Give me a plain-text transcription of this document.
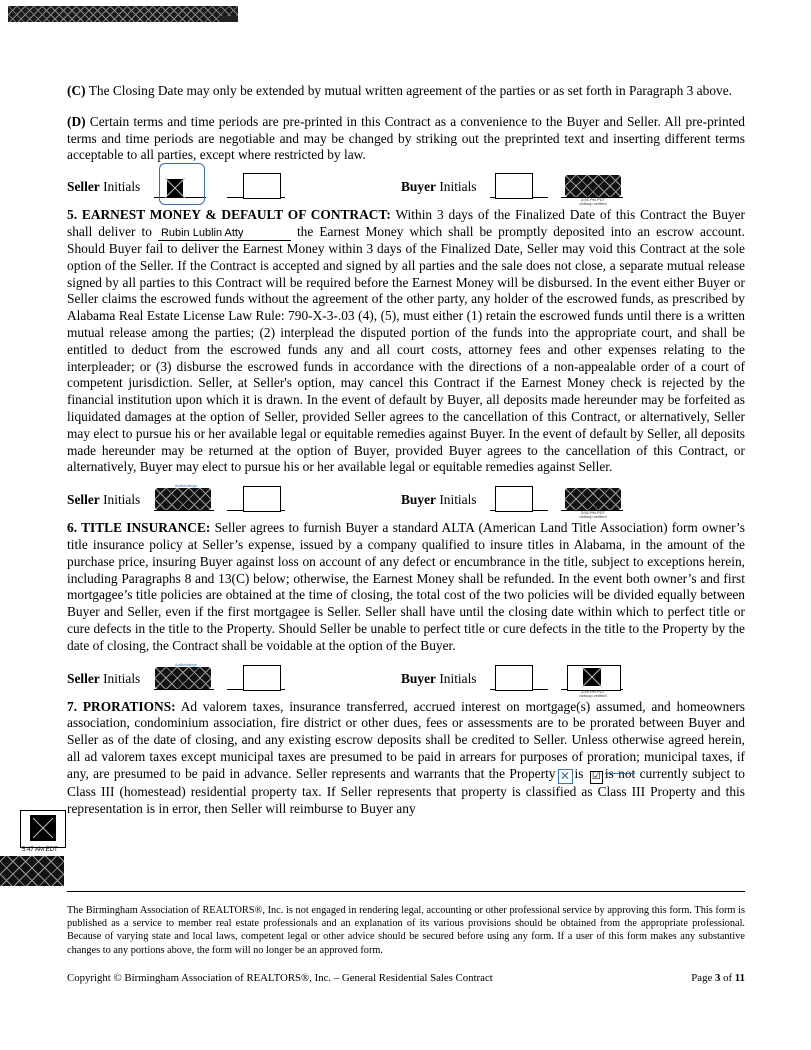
(C) The Closing Date may only be extended by mutual written agreement of the parties or as set forth in Paragraph 3 above.

(D) Certain terms and time periods are pre-printed in this Contract as a convenience to the Buyer and Seller. All pre-printed terms and time periods are negotiable and may be changed by striking out the preprinted text and inserting different terms acceptable to all parties, except where restricted by law.

Seller Initials	Buyer Initials
3:54 PM PDT
dotloop verified

5. EARNEST MONEY & DEFAULT OF CONTRACT: Within 3 days of the Finalized Date of this Contract the Buyer shall deliver to Rubin Lublin Atty	the Earnest Money which shall be promptly deposited into an escrow account. Should Buyer fail to deliver the Earnest Money within 3 days of the Finalized Date, Seller may void this Contract at the sole option of the Seller. If the Contract is accepted and signed by all parties and the sale does not close, a separate mutual release signed by all parties to this Contract will be required before the Earnest Money will be disbursed. In the event either Buyer or Seller claims the escrowed funds without the agreement of the other party, any holder of the escrowed funds, as prescribed by Alabama Real Estate License Law Rule: 790-X-3-.03 (4), (5), must either (1) retain the escrowed funds until there is a written mutual release among the parties; (2) interplead the disputed portion of the funds into the appropriate court, and shall be entitled to deduct from the escrowed funds any and all court costs, attorney fees and other expenses relating to the interpleader; or (3) disburse the escrowed funds in accordance with the directions of a non-appealable order of a court of competent jurisdiction. Seller, at Seller's option, may cancel this Contract if the Earnest Money check is rejected by the financial institution upon which it is drawn. In the event of default by Buyer, all deposits made hereunder may be forfeited as liquidated damages at the option of Seller, provided Seller agrees to the cancellation of this Contract, or alternatively, Seller may elect to pursue his or her available legal or equitable remedies against Buyer. In the event of default by Seller, all deposits made hereunder may be returned at the option of Buyer, provided Buyer agrees to the cancellation of this Contract, or alternatively, Buyer may elect to pursue his or her available legal or equitable remedies against Seller.

Authentisign
Seller Initials	Buyer Initials
3:54 PM PDT
dotloop verified

6. TITLE INSURANCE: Seller agrees to furnish Buyer a standard ALTA (American Land Title Association) form owner’s title insurance policy at Seller’s expense, issued by a company qualified to insure titles in Alabama, in the amount of the purchase price, insuring Buyer against loss on account of any defect or encumbrance in the title, subject to exceptions herein, including Paragraphs 8 and 13(C) below; otherwise, the Earnest Money shall be refunded. In the event both owner’s and first mortgagee’s title policies are obtained at the time of closing, the total cost of the two policies will be divided equally between Buyer and Seller, even if the first mortgagee is Seller. Seller shall have until the closing date within which to perfect title or cure defects in the title to the Property. Should Seller be unable to perfect title or cure defects in the title to the Property by the date of closing, the Contract shall be voidable at the option of the Buyer.

Authentisign
Seller Initials	Buyer Initials
3:54 PM PDT
dotloop verified

7. PRORATIONS: Ad valorem taxes, insurance transferred, accrued interest on mortgage(s) assumed, and homeowners association, condominium association, fire district or other dues, fees or assessments are to be prorated between Buyer and Seller as of the date of closing, and any existing escrow deposits shall be credited to Seller. Unless otherwise agreed herein, all ad valorem taxes except municipal taxes are presumed to be paid in arrears for purposes of proration; municipal taxes, if any, are presumed to be paid in advance. Seller represents and warrants that the Property ✕ is ☑ is not currently subject to Class III (homestead) residential property tax. If Seller represents that property is classified as Class III Property and this representation is in error, then Seller will reimburse to Buyer any

5:47 AM EDT
The Birmingham Association of REALTORS®, Inc. is not engaged in rendering legal, accounting or other professional service by approving this form. This form is published as a service to member real estate professionals and an explanation of its various provisions should be obtained from the appropriate professional. Because of varying state and local laws, competent legal or other advice should be secured before using any form. If a user of this form makes any substantive changes to any portions above, the form will no longer be an approved form.
Copyright © Birmingham Association of REALTORS®, Inc. – General Residential Sales Contract	Page 3 of 11
